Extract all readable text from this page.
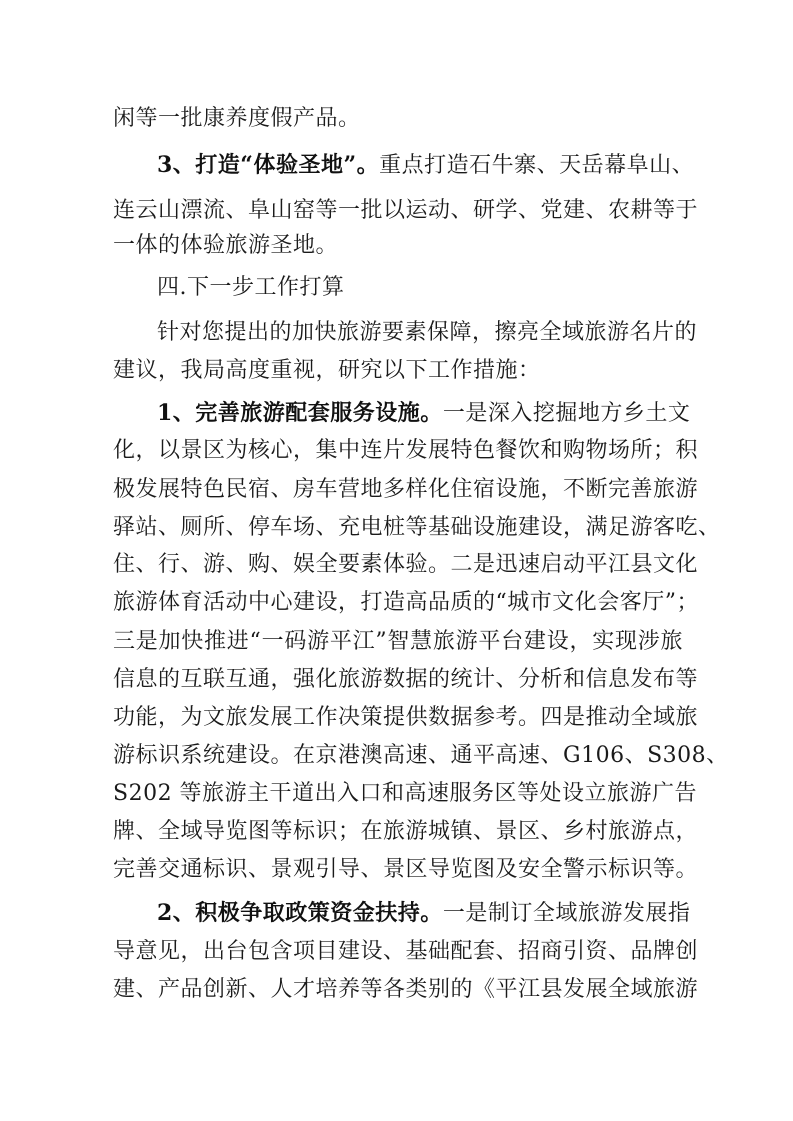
闲等一批康养度假产品。
3、打造“体验圣地”。重点打造石牛寨、天岳幕阜山、
连云山漂流、阜山窑等一批以运动、研学、党建、农耕等于
一体的体验旅游圣地。
四.下一步工作打算
针对您提出的加快旅游要素保障，擦亮全域旅游名片的
建议，我局高度重视，研究以下工作措施：
1、完善旅游配套服务设施。一是深入挖掘地方乡土文
化，以景区为核心，集中连片发展特色餐饮和购物场所；积
极发展特色民宿、房车营地多样化住宿设施，不断完善旅游
驿站、厕所、停车场、充电桩等基础设施建设，满足游客吃、
住、行、游、购、娱全要素体验。二是迅速启动平江县文化
旅游体育活动中心建设，打造高品质的“城市文化会客厅”；
三是加快推进“一码游平江”智慧旅游平台建设，实现涉旅
信息的互联互通，强化旅游数据的统计、分析和信息发布等
功能，为文旅发展工作决策提供数据参考。四是推动全域旅
游标识系统建设。在京港澳高速、通平高速、G106、S308、
S202 等旅游主干道出入口和高速服务区等处设立旅游广告
牌、全域导览图等标识；在旅游城镇、景区、乡村旅游点，
完善交通标识、景观引导、景区导览图及安全警示标识等。
2、积极争取政策资金扶持。一是制订全域旅游发展指
导意见，出台包含项目建设、基础配套、招商引资、品牌创
建、产品创新、人才培养等各类别的《平江县发展全域旅游
